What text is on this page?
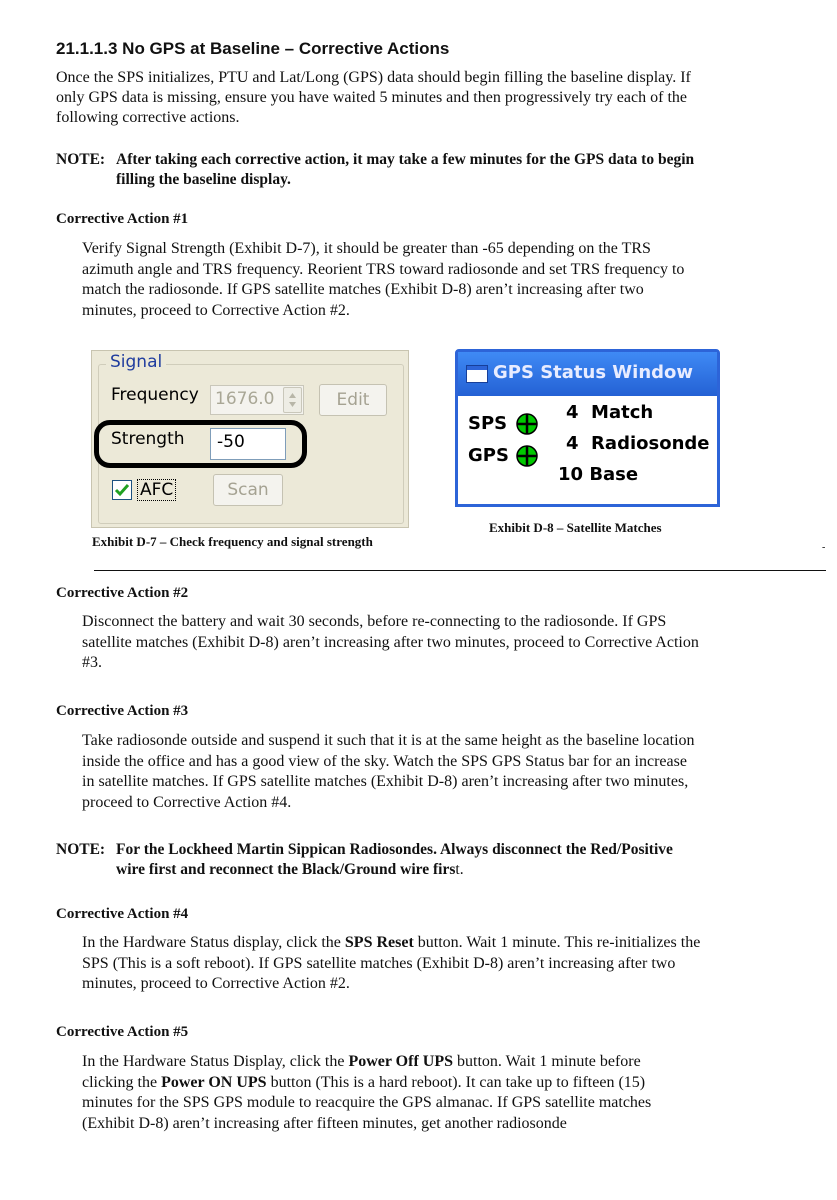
21.1.1.3 No GPS at Baseline – Corrective Actions
Once the SPS initializes, PTU and Lat/Long (GPS) data should begin filling the baseline display. If
only GPS data is missing, ensure you have waited 5 minutes and then progressively try each of the
following corrective actions.
NOTE: After taking each corrective action, it may take a few minutes for the GPS data to begin
filling the baseline display.
Corrective Action #1
Verify Signal Strength (Exhibit D-7), it should be greater than -65 depending on the TRS
azimuth angle and TRS frequency. Reorient TRS toward radiosonde and set TRS frequency to
match the radiosonde. If GPS satellite matches (Exhibit D-8) aren’t increasing after two
minutes, proceed to Corrective Action #2.
Signal
Frequency 1676.0	Edit
Strength	-50
AFC	Scan
Exhibit D-7 – Check frequency and signal strength
GPS Status Window
SPS
GPS
4  Match
4  Radiosonde
10 Base
Exhibit D-8 – Satellite Matches
-
Corrective Action #2
Disconnect the battery and wait 30 seconds, before re-connecting to the radiosonde. If GPS
satellite matches (Exhibit D-8) aren’t increasing after two minutes, proceed to Corrective Action
#3.
Corrective Action #3
Take radiosonde outside and suspend it such that it is at the same height as the baseline location
inside the office and has a good view of the sky. Watch the SPS GPS Status bar for an increase
in satellite matches. If GPS satellite matches (Exhibit D-8) aren’t increasing after two minutes,
proceed to Corrective Action #4.
NOTE: For the Lockheed Martin Sippican Radiosondes. Always disconnect the Red/Positive
wire first and reconnect the Black/Ground wire first.
Corrective Action #4
In the Hardware Status display, click the SPS Reset button. Wait 1 minute. This re-initializes the
SPS (This is a soft reboot). If GPS satellite matches (Exhibit D-8) aren’t increasing after two
minutes, proceed to Corrective Action #2.
Corrective Action #5
In the Hardware Status Display, click the Power Off UPS button. Wait 1 minute before
clicking the Power ON UPS button (This is a hard reboot). It can take up to fifteen (15)
minutes for the SPS GPS module to reacquire the GPS almanac. If GPS satellite matches
(Exhibit D-8) aren’t increasing after fifteen minutes, get another radiosonde
